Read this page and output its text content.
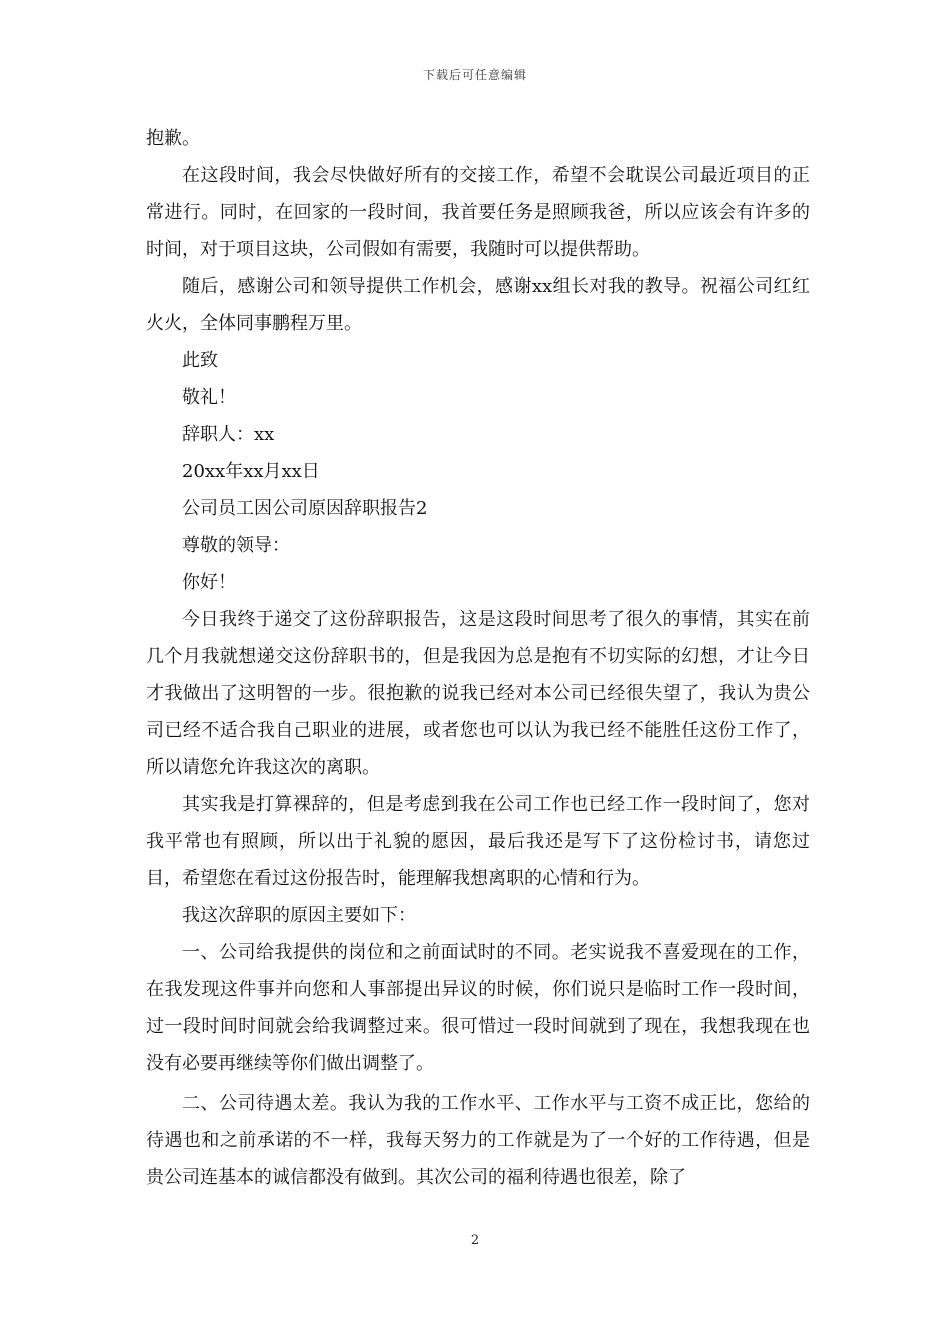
下载后可任意编辑

抱歉。

在这段时间，我会尽快做好所有的交接工作，希望不会耽误公司最近项目的正常进行。同时，在回家的一段时间，我首要任务是照顾我爸，所以应该会有许多的时间，对于项目这块，公司假如有需要，我随时可以提供帮助。

随后，感谢公司和领导提供工作机会，感谢xx组长对我的教导。祝福公司红红火火，全体同事鹏程万里。

此致

敬礼！

辞职人：xx

20xx年xx月xx日

公司员工因公司原因辞职报告2

尊敬的领导：

你好！

今日我终于递交了这份辞职报告，这是这段时间思考了很久的事情，其实在前几个月我就想递交这份辞职书的，但是我因为总是抱有不切实际的幻想，才让今日才我做出了这明智的一步。很抱歉的说我已经对本公司已经很失望了，我认为贵公司已经不适合我自己职业的进展，或者您也可以认为我已经不能胜任这份工作了，所以请您允许我这次的离职。

其实我是打算裸辞的，但是考虑到我在公司工作也已经工作一段时间了，您对我平常也有照顾，所以出于礼貌的愿因，最后我还是写下了这份检讨书，请您过目，希望您在看过这份报告时，能理解我想离职的心情和行为。

我这次辞职的原因主要如下：

一、公司给我提供的岗位和之前面试时的不同。老实说我不喜爱现在的工作，在我发现这件事并向您和人事部提出异议的时候，你们说只是临时工作一段时间，过一段时间时间就会给我调整过来。很可惜过一段时间就到了现在，我想我现在也没有必要再继续等你们做出调整了。

二、公司待遇太差。我认为我的工作水平、工作水平与工资不成正比，您给的待遇也和之前承诺的不一样，我每天努力的工作就是为了一个好的工作待遇，但是贵公司连基本的诚信都没有做到。其次公司的福利待遇也很差，除了

2
